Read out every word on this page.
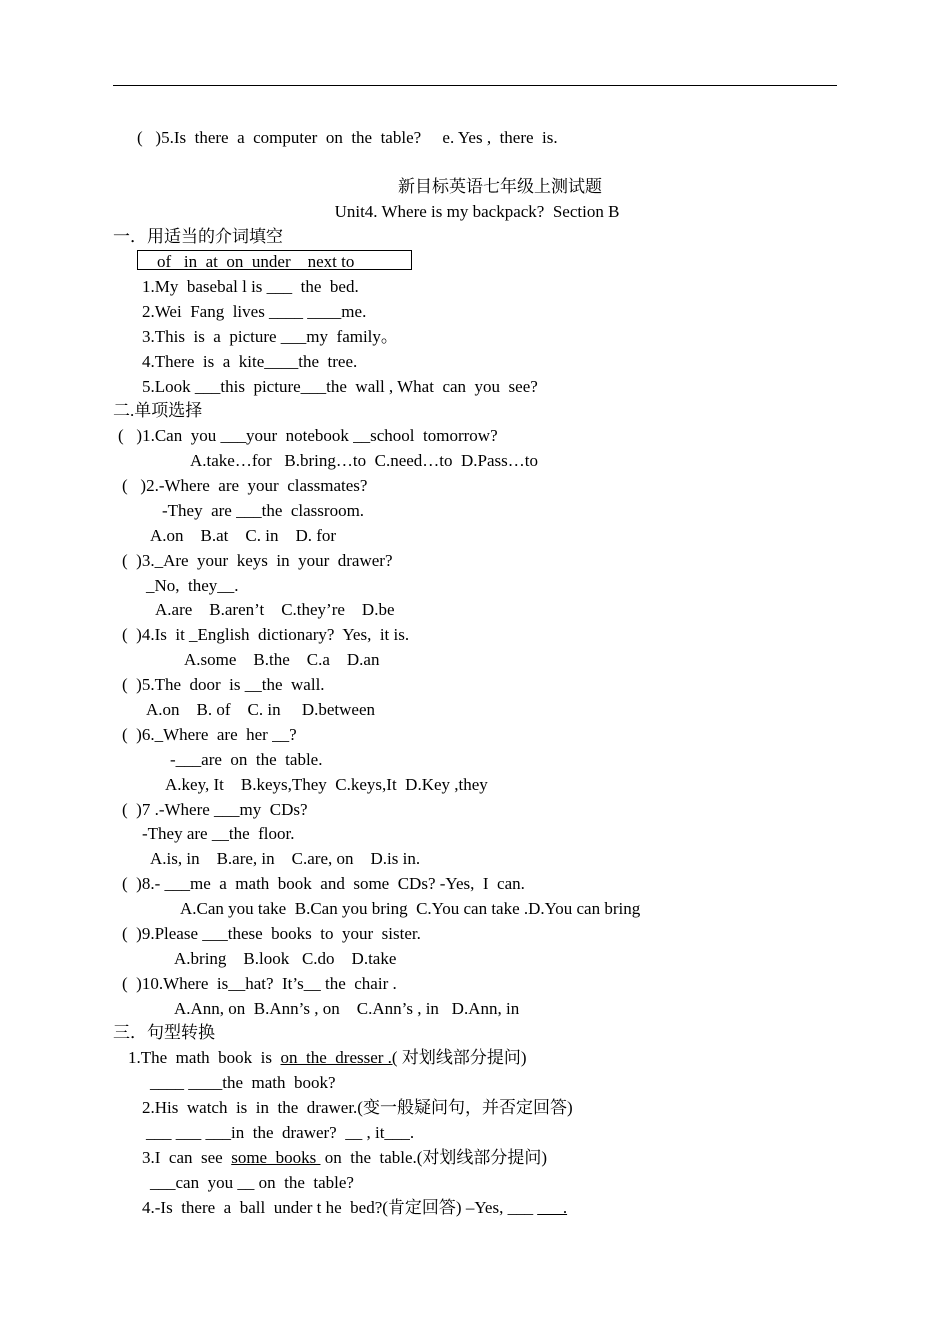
(   )5.Is  there  a  computer  on  the  table?     e. Yes ,  there  is.
新目标英语七年级上测试题
Unit4. Where is my backpack?  Section B
一．用适当的介词填空
of   in  at  on  under    next to
1.My  basebal l is ___  the  bed.
2.Wei  Fang  lives ____ ____me.
3.This  is  a  picture ___my  family。
4.There  is  a  kite____the  tree.
5.Look ___this  picture___the  wall , What  can  you  see?
二.单项选择
(   )1.Can  you ___your  notebook __school  tomorrow?
A.take…for   B.bring…to  C.need…to  D.Pass…to
(   )2.-Where  are  your  classmates?
-They  are ___the  classroom.
A.on    B.at    C. in    D. for
(  )3._Are  your  keys  in  your  drawer?
_No,  they__.
A.are    B.aren’t    C.they’re    D.be
(  )4.Is  it _English  dictionary?  Yes,  it is.
A.some    B.the    C.a    D.an
(  )5.The  door  is __the  wall.
A.on    B. of    C. in     D.between
(  )6._Where  are  her __?
-___are  on  the  table.
A.key, It    B.keys,They  C.keys,It  D.Key ,they
(  )7 .-Where ___my  CDs?
-They are __the  floor.
A.is, in    B.are, in    C.are, on    D.is in.
(  )8.- ___me  a  math  book  and  some  CDs? -Yes,  I  can.
A.Can you take  B.Can you bring  C.You can take .D.You can bring
(  )9.Please ___these  books  to  your  sister.
A.bring    B.look   C.do    D.take
(  )10.Where  is__hat?  It’s__ the  chair .
A.Ann, on  B.Ann’s , on    C.Ann’s , in   D.Ann, in
三．句型转换
1.The  math  book  is  on  the  dresser .( 对划线部分提问)
____ ____the  math  book?
2.His  watch  is  in  the  drawer.(变一般疑问句，并否定回答)
___ ___ ___in  the  drawer?  __ , it___.
3.I  can  see  some  books  on  the  table.(对划线部分提问)
___can  you __ on  the  table?
4.-Is  there  a  ball  under t he  bed?(肯定回答) –Yes, ___ ___.
